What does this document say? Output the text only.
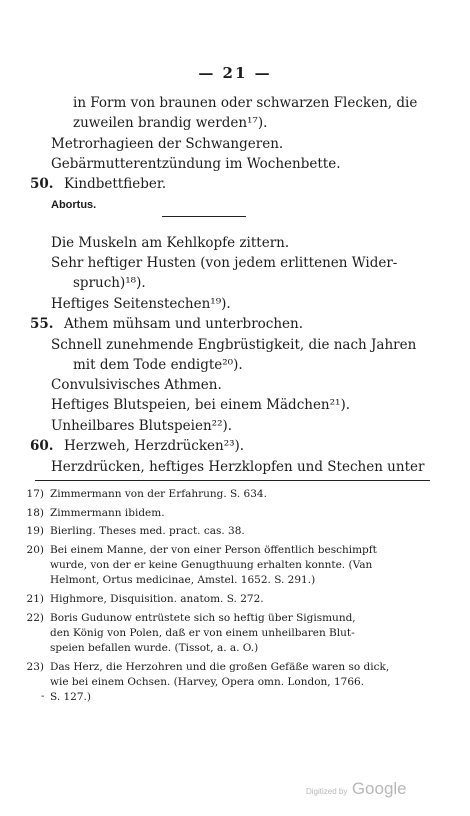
— 21 —
in Form von braunen oder schwarzen Flecken, die
zuweilen brandig werden¹⁷).
Metrorhagieen der Schwangeren.
Gebärmutterentzündung im Wochenbette.
50. Kindbettfieber.
Abortus.
Die Muskeln am Kehlkopfe zittern.
Sehr heftiger Husten (von jedem erlittenen Wider-
spruch)¹⁸).
Heftiges Seitenstechen¹⁹).
55. Athem mühsam und unterbrochen.
Schnell zunehmende Engbrüstigkeit, die nach Jahren
mit dem Tode endigte²⁰).
Convulsivisches Athmen.
Heftiges Blutspeien, bei einem Mädchen²¹).
Unheilbares Blutspeien²²).
60. Herzweh, Herzdrücken²³).
Herzdrücken, heftiges Herzklopfen und Stechen unter
17) Zimmermann von der Erfahrung. S. 634.
18) Zimmermann ibidem.
19) Bierling. Theses med. pract. cas. 38.
20) Bei einem Manne, der von einer Person öffentlich beschimpft
wurde, von der er keine Genugthuung erhalten konnte. (Van
Helmont, Ortus medicinae, Amstel. 1652. S. 291.)
21) Highmore, Disquisition. anatom. S. 272.
22) Boris Gudunow entrüstete sich so heftig über Sigismund,
den König von Polen, daß er von einem unheilbaren Blut-
speien befallen wurde. (Tissot, a. a. O.)
23) Das Herz, die Herzohren und die großen Gefäße waren so dick,
wie bei einem Ochsen. (Harvey, Opera omn. London, 1766.
S. 127.)
-
Digitized by Google
